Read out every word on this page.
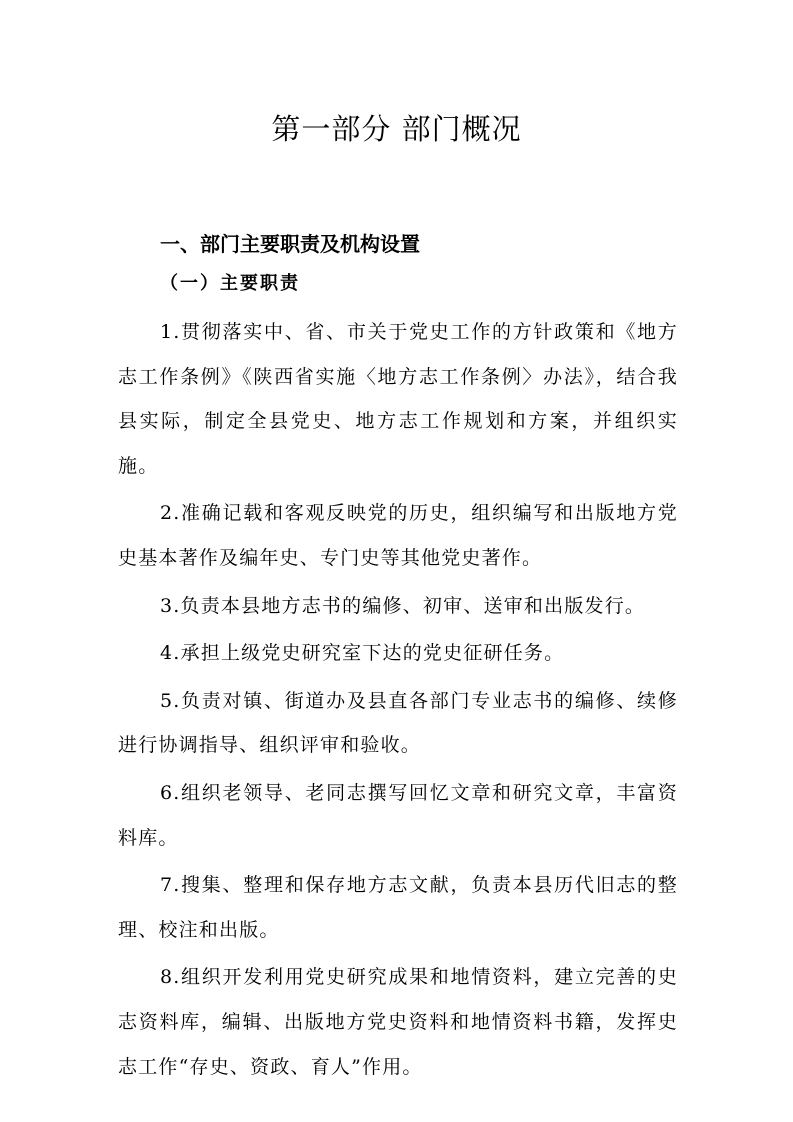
第一部分 部门概况
一、部门主要职责及机构设置
（一）主要职责

1.贯彻落实中、省、市关于党史工作的方针政策和《地方志工作条例》《陕西省实施〈地方志工作条例〉办法》，结合我县实际，制定全县党史、地方志工作规划和方案，并组织实施。

2.准确记载和客观反映党的历史，组织编写和出版地方党史基本著作及编年史、专门史等其他党史著作。

3.负责本县地方志书的编修、初审、送审和出版发行。

4.承担上级党史研究室下达的党史征研任务。

5.负责对镇、街道办及县直各部门专业志书的编修、续修进行协调指导、组织评审和验收。

6.组织老领导、老同志撰写回忆文章和研究文章，丰富资料库。

7.搜集、整理和保存地方志文献，负责本县历代旧志的整理、校注和出版。

8.组织开发利用党史研究成果和地情资料，建立完善的史志资料库，编辑、出版地方党史资料和地情资料书籍，发挥史志工作“存史、资政、育人”作用。
